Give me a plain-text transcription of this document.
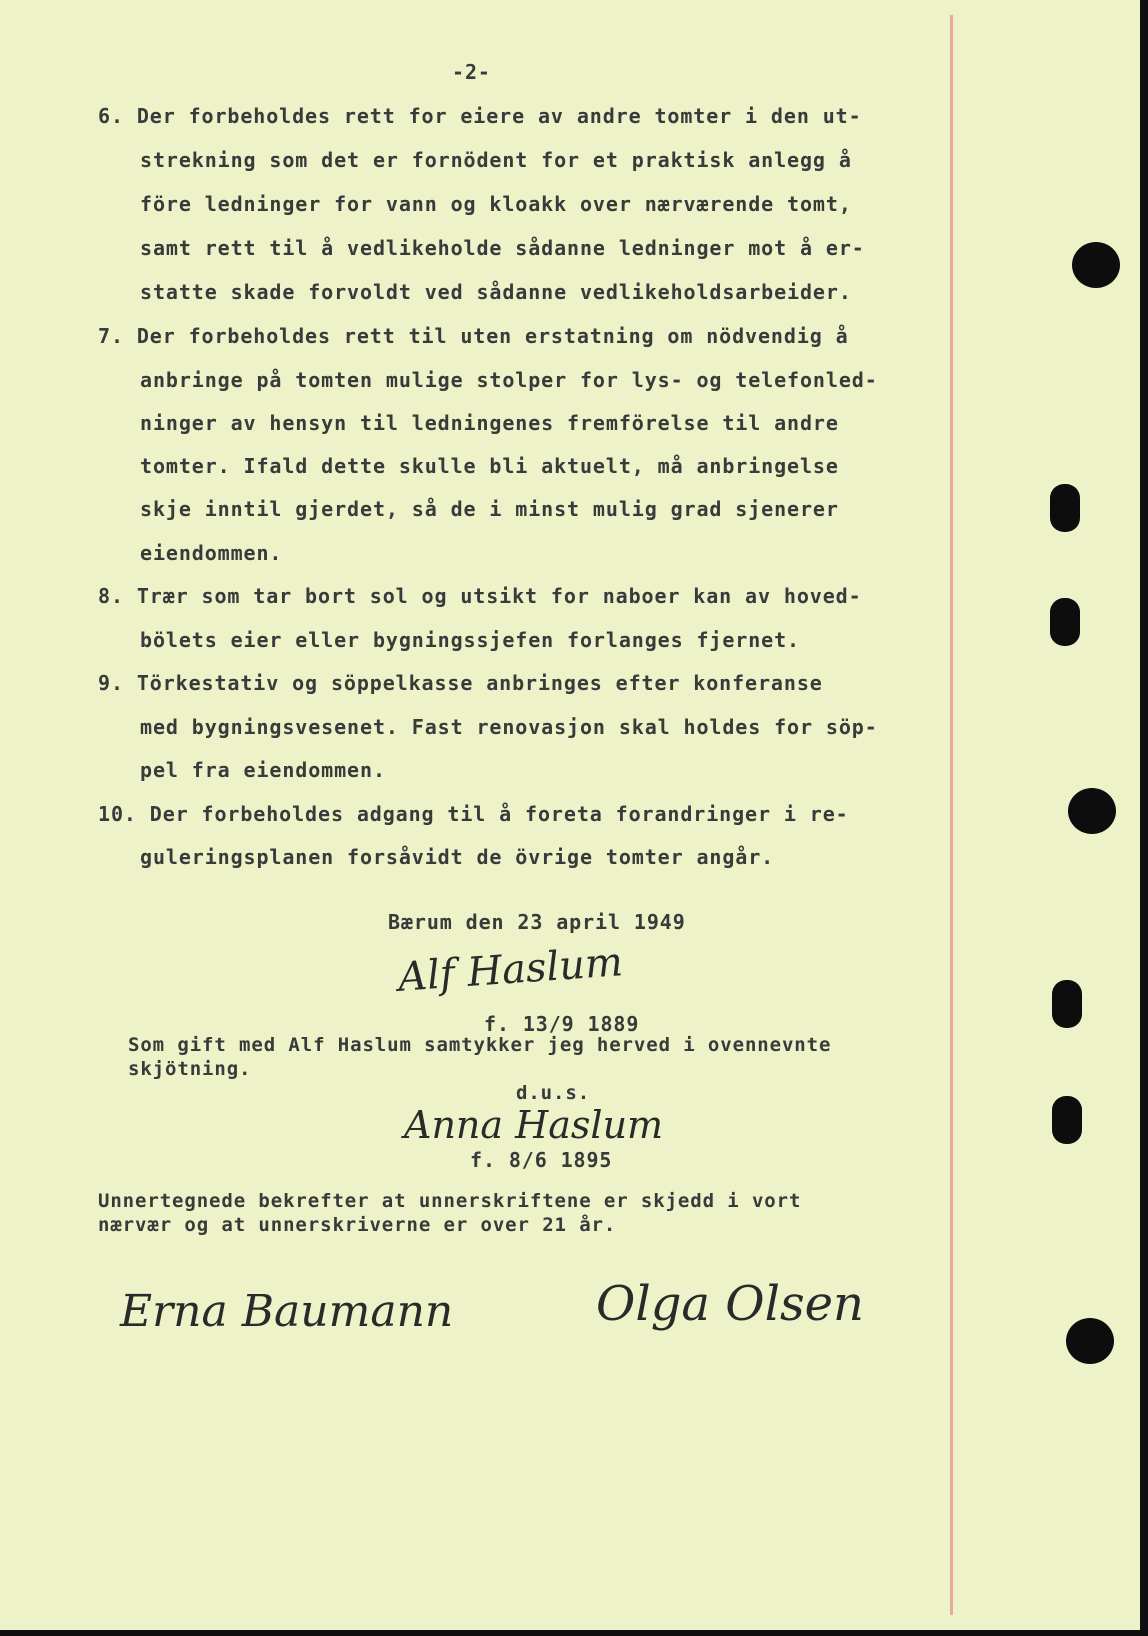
-2-
6. Der forbeholdes rett for eiere av andre tomter i den ut-
strekning som det er fornödent for et praktisk anlegg å
före ledninger for vann og kloakk over nærværende tomt,
samt rett til å vedlikeholde sådanne ledninger mot å er-
statte skade forvoldt ved sådanne vedlikeholdsarbeider.
7. Der forbeholdes rett til uten erstatning om nödvendig å
anbringe på tomten mulige stolper for lys- og telefonled-
ninger av hensyn til ledningenes fremförelse til andre
tomter. Ifald dette skulle bli aktuelt, må anbringelse
skje inntil gjerdet, så de i minst mulig grad sjenerer
eiendommen.
8. Trær som tar bort sol og utsikt for naboer kan av hoved-
bölets eier eller bygningssjefen forlanges fjernet.
9. Törkestativ og söppelkasse anbringes efter konferanse
med bygningsvesenet. Fast renovasjon skal holdes for söp-
pel fra eiendommen.
10. Der forbeholdes adgang til å foreta forandringer i re-
guleringsplanen forsåvidt de övrige tomter angår.
Bærum den 23 april 1949
Alf Haslum
f. 13/9 1889
Som gift med Alf Haslum samtykker jeg herved i ovennevnte
skjötning.
d.u.s.
Anna Haslum
f. 8/6 1895
Unnertegnede bekrefter at unnerskriftene er skjedd i vort
nærvær og at unnerskriverne er over 21 år.
Erna Baumann	Olga Olsen
